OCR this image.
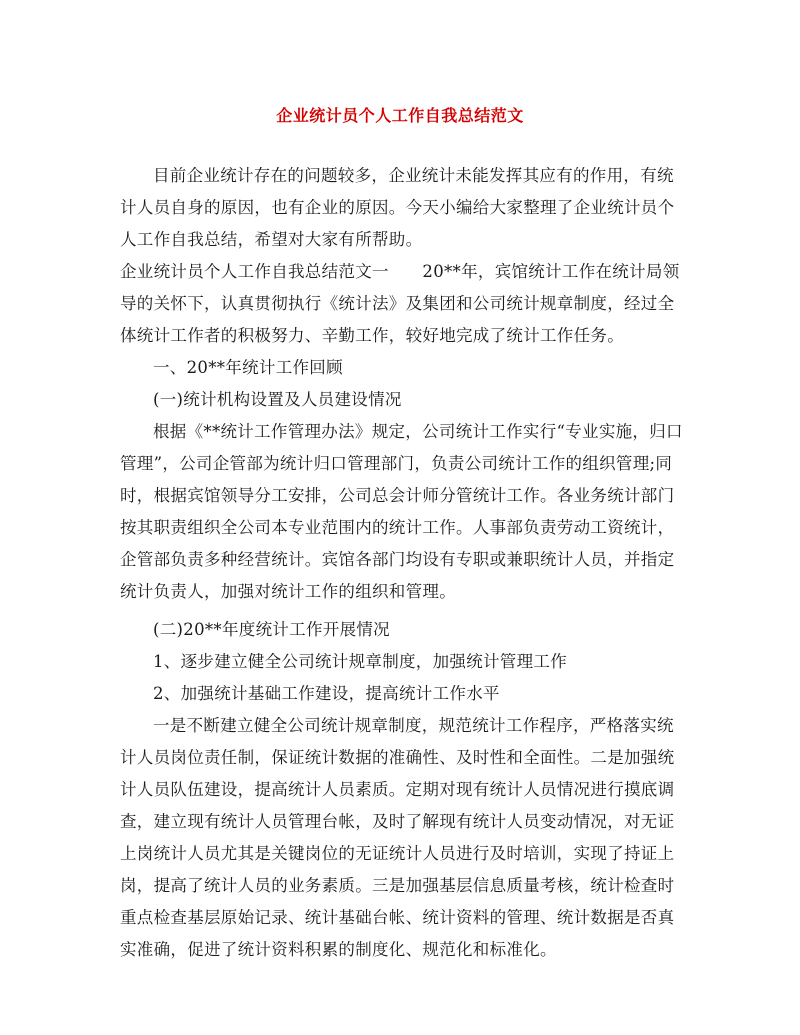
企业统计员个人工作自我总结范文

目前企业统计存在的问题较多，企业统计未能发挥其应有的作用，有统计人员自身的原因，也有企业的原因。今天小编给大家整理了企业统计员个人工作自我总结，希望对大家有所帮助。

企业统计员个人工作自我总结范文一　　20**年，宾馆统计工作在统计局领导的关怀下，认真贯彻执行《统计法》及集团和公司统计规章制度，经过全体统计工作者的积极努力、辛勤工作，较好地完成了统计工作任务。

一、20**年统计工作回顾

(一)统计机构设置及人员建设情况

根据《**统计工作管理办法》规定，公司统计工作实行“专业实施，归口管理”，公司企管部为统计归口管理部门，负责公司统计工作的组织管理;同时，根据宾馆领导分工安排，公司总会计师分管统计工作。各业务统计部门按其职责组织全公司本专业范围内的统计工作。人事部负责劳动工资统计，企管部负责多种经营统计。宾馆各部门均设有专职或兼职统计人员，并指定统计负责人，加强对统计工作的组织和管理。

(二)20**年度统计工作开展情况

1、逐步建立健全公司统计规章制度，加强统计管理工作

2、加强统计基础工作建设，提高统计工作水平

一是不断建立健全公司统计规章制度，规范统计工作程序，严格落实统计人员岗位责任制，保证统计数据的准确性、及时性和全面性。二是加强统计人员队伍建设，提高统计人员素质。定期对现有统计人员情况进行摸底调查，建立现有统计人员管理台帐，及时了解现有统计人员变动情况，对无证上岗统计人员尤其是关键岗位的无证统计人员进行及时培训，实现了持证上岗，提高了统计人员的业务素质。三是加强基层信息质量考核，统计检查时重点检查基层原始记录、统计基础台帐、统计资料的管理、统计数据是否真实准确，促进了统计资料积累的制度化、规范化和标准化。
